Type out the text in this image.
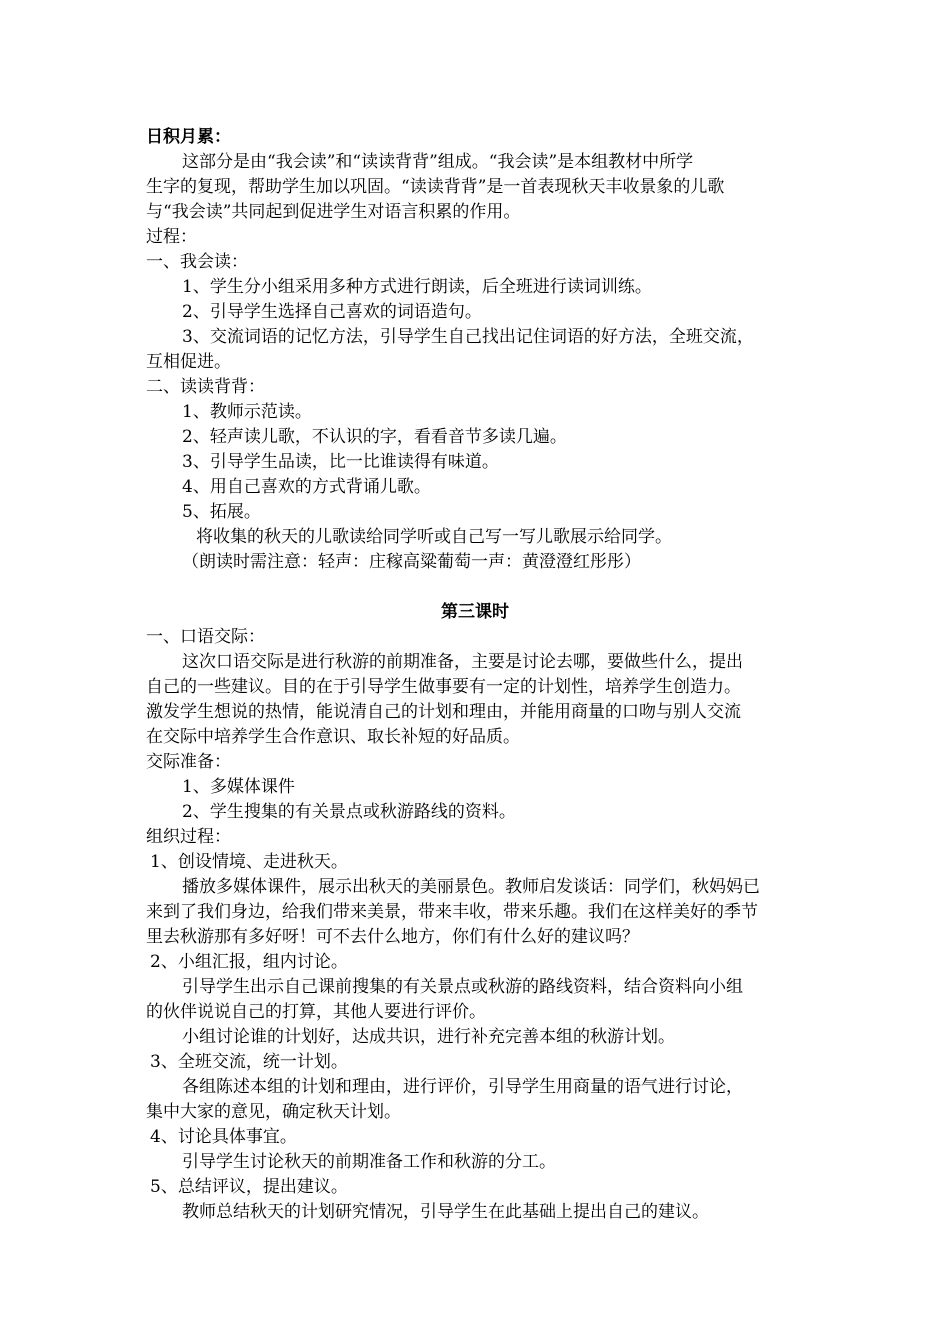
日积月累：
这部分是由“我会读”和“读读背背”组成。“我会读”是本组教材中所学
生字的复现，帮助学生加以巩固。“读读背背”是一首表现秋天丰收景象的儿歌
与“我会读”共同起到促进学生对语言积累的作用。
过程：
一、我会读：
1、学生分小组采用多种方式进行朗读，后全班进行读词训练。
2、引导学生选择自己喜欢的词语造句。
3、交流词语的记忆方法，引导学生自己找出记住词语的好方法，全班交流，
互相促进。
二、读读背背：
1、教师示范读。
2、轻声读儿歌，不认识的字，看看音节多读几遍。
3、引导学生品读，比一比谁读得有味道。
4、用自己喜欢的方式背诵儿歌。
5、拓展。
将收集的秋天的儿歌读给同学听或自己写一写儿歌展示给同学。
（朗读时需注意：轻声：庄稼高粱葡萄一声：黄澄澄红彤彤）
第三课时
一、口语交际：
这次口语交际是进行秋游的前期准备，主要是讨论去哪，要做些什么，提出
自己的一些建议。目的在于引导学生做事要有一定的计划性，培养学生创造力。
激发学生想说的热情，能说清自己的计划和理由，并能用商量的口吻与别人交流
在交际中培养学生合作意识、取长补短的好品质。
交际准备：
1、多媒体课件
2、学生搜集的有关景点或秋游路线的资料。
组织过程：
1、创设情境、走进秋天。
播放多媒体课件，展示出秋天的美丽景色。教师启发谈话：同学们，秋妈妈已
来到了我们身边，给我们带来美景，带来丰收，带来乐趣。我们在这样美好的季节
里去秋游那有多好呀！可不去什么地方，你们有什么好的建议吗？
2、小组汇报，组内讨论。
引导学生出示自己课前搜集的有关景点或秋游的路线资料，结合资料向小组
的伙伴说说自己的打算，其他人要进行评价。
小组讨论谁的计划好，达成共识，进行补充完善本组的秋游计划。
3、全班交流，统一计划。
各组陈述本组的计划和理由，进行评价，引导学生用商量的语气进行讨论，
集中大家的意见，确定秋天计划。
4、讨论具体事宜。
引导学生讨论秋天的前期准备工作和秋游的分工。
5、总结评议，提出建议。
教师总结秋天的计划研究情况，引导学生在此基础上提出自己的建议。
